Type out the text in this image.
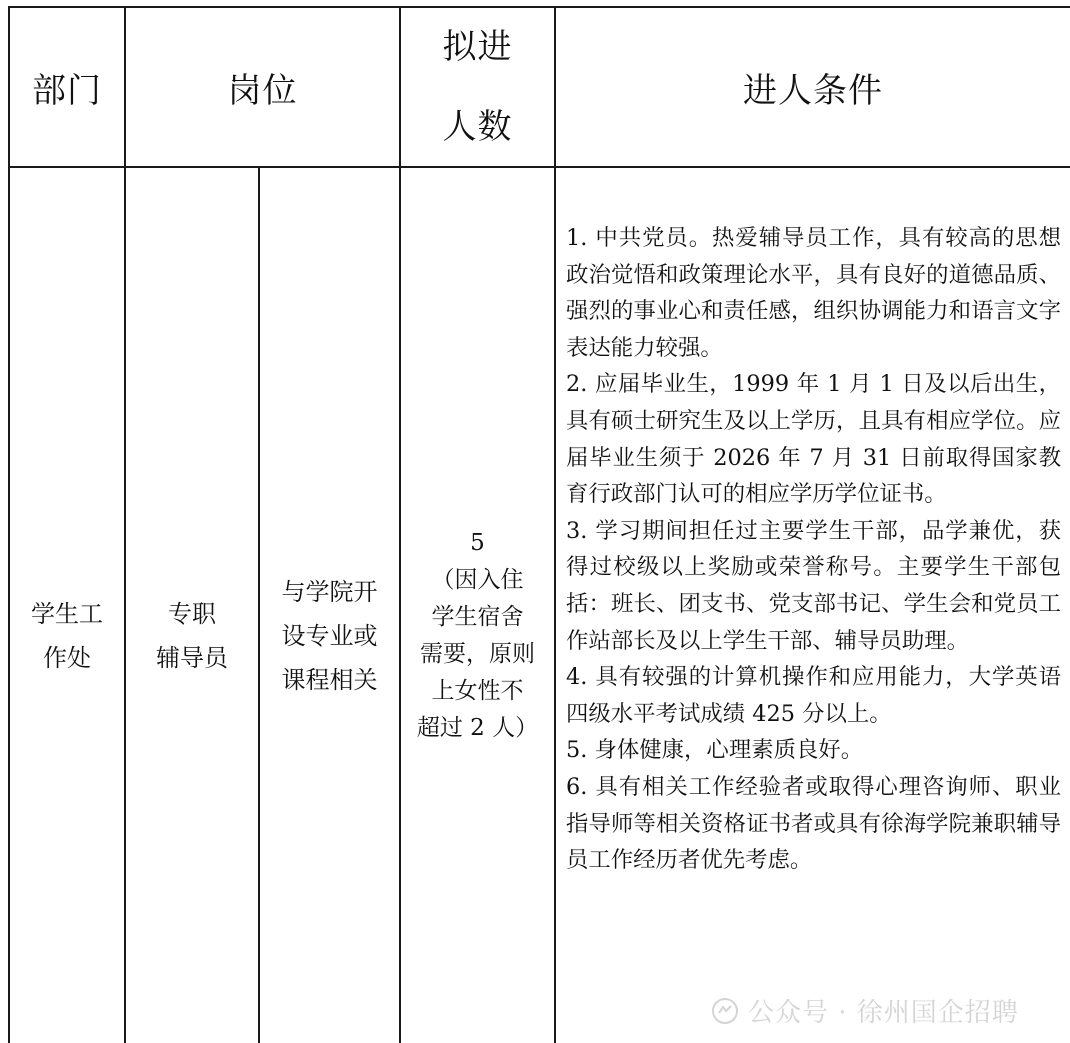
部门	岗位
拟进
人数
进人条件
学生工
作处
专职
辅导员
与学院开
设专业或
课程相关
5
（因入住
学生宿舍
需要，原则
上女性不
超过 2 人）

1. 中共党员。热爱辅导员工作，具有较高的思想政治觉悟和政策理论水平，具有良好的道德品质、强烈的事业心和责任感，组织协调能力和语言文字表达能力较强。

2. 应届毕业生，1999 年 1 月 1 日及以后出生，具有硕士研究生及以上学历，且具有相应学位。应届毕业生须于 2026 年 7 月 31 日前取得国家教育行政部门认可的相应学历学位证书。

3. 学习期间担任过主要学生干部，品学兼优，获得过校级以上奖励或荣誉称号。主要学生干部包括：班长、团支书、党支部书记、学生会和党员工作站部长及以上学生干部、辅导员助理。

4. 具有较强的计算机操作和应用能力，大学英语四级水平考试成绩 425 分以上。

5. 身体健康，心理素质良好。

6. 具有相关工作经验者或取得心理咨询师、职业指导师等相关资格证书者或具有徐海学院兼职辅导员工作经历者优先考虑。

公众号 · 徐州国企招聘
